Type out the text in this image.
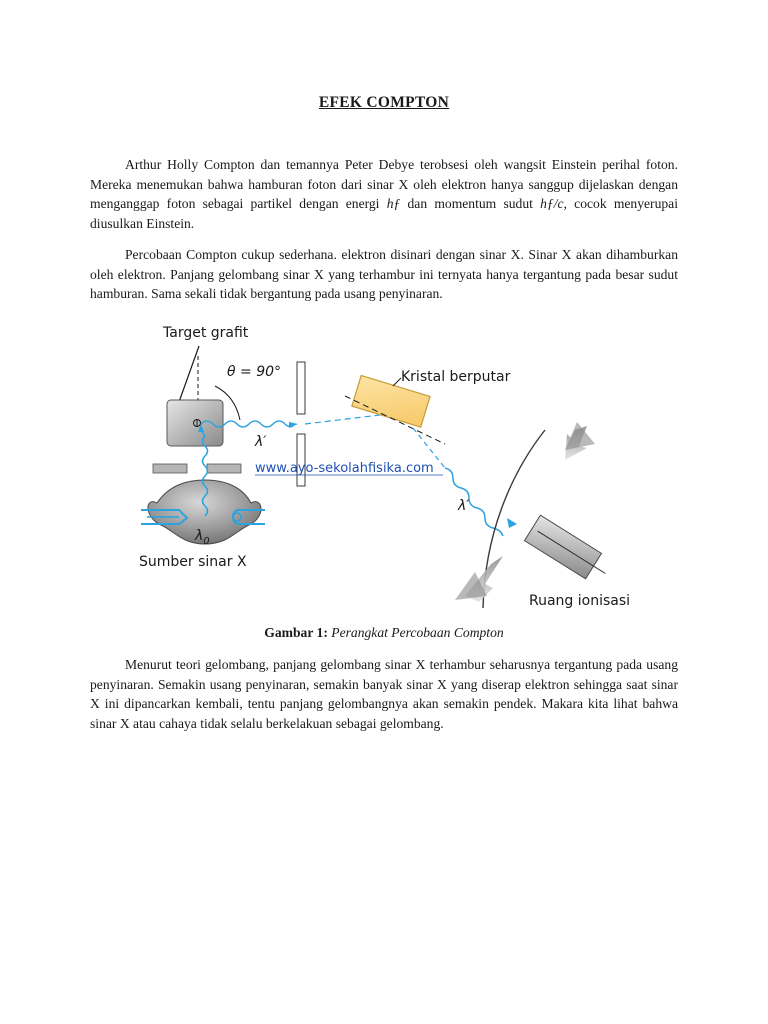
EFEK COMPTON

Arthur Holly Compton dan temannya Peter Debye terobsesi oleh wangsit Einstein perihal foton. Mereka menemukan bahwa hamburan foton dari sinar X oleh elektron hanya sanggup dijelaskan dengan menganggap foton sebagai partikel dengan energi hƒ dan momentum sudut hƒ/c, cocok menyerupai diusulkan Einstein.

Percobaan Compton cukup sederhana. elektron disinari dengan sinar X. Sinar X akan dihamburkan oleh elektron. Panjang gelombang sinar X yang terhambur ini ternyata hanya tergantung pada besar sudut hamburan. Sama sekali tidak bergantung pada usang penyinaran.

Target grafit
θ = 90°
$\lambda_0$
λ′
Kristal berputar
www.ayo-sekolahfisika.com
λ′
Sumber sinar X
Ruang ionisasi
Gambar 1: Perangkat Percobaan Compton

Menurut teori gelombang, panjang gelombang sinar X terhambur seharusnya tergantung pada usang penyinaran. Semakin usang penyinaran, semakin banyak sinar X yang diserap elektron sehingga saat sinar X ini dipancarkan kembali, tentu panjang gelombangnya akan semakin pendek. Makara kita lihat bahwa sinar X atau cahaya tidak selalu berkelakuan sebagai gelombang.
